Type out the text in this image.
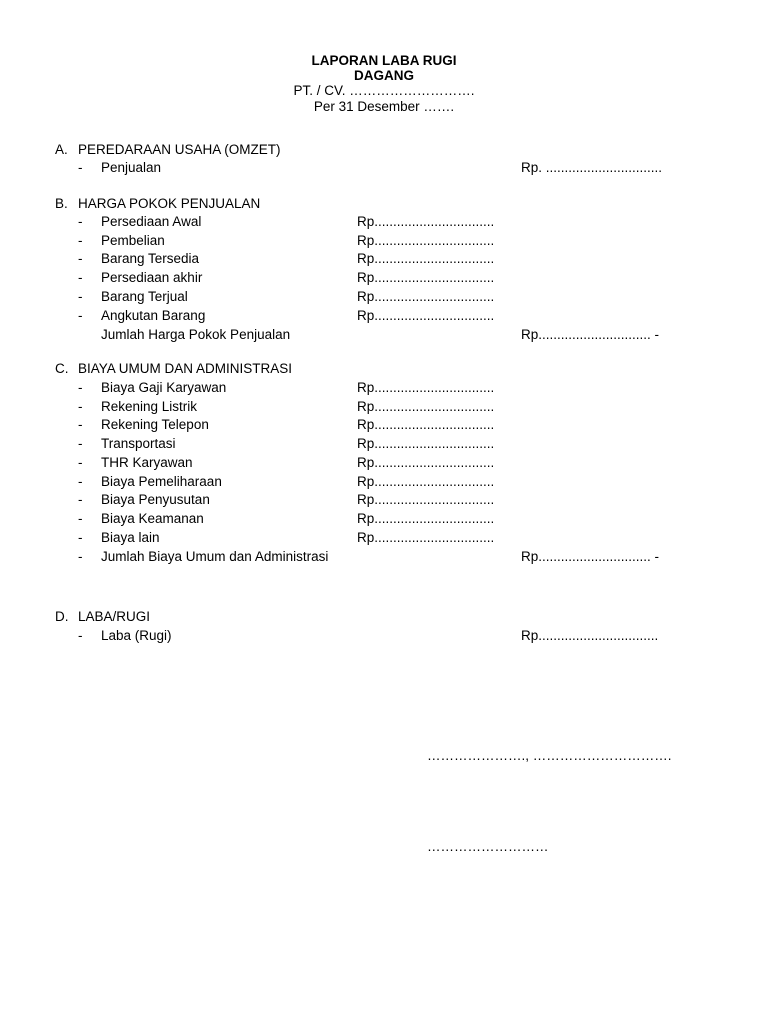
LAPORAN LABA RUGI
DAGANG
PT. / CV. ……………………….
Per 31 Desember …….
A. PEREDARAAN USAHA (OMZET)
- Penjualan	Rp. ...............................
B. HARGA POKOK PENJUALAN
- Persediaan Awal	Rp................................
- Pembelian	Rp................................
- Barang Tersedia	Rp................................
- Persediaan akhir	Rp................................
- Barang Terjual	Rp................................
- Angkutan Barang	Rp................................
Jumlah Harga Pokok Penjualan	Rp.............................. -
C. BIAYA UMUM DAN ADMINISTRASI
- Biaya Gaji Karyawan	Rp................................
- Rekening Listrik	Rp................................
- Rekening Telepon	Rp................................
- Transportasi	Rp................................
- THR Karyawan	Rp................................
- Biaya Pemeliharaan	Rp................................
- Biaya Penyusutan	Rp................................
- Biaya Keamanan	Rp................................
- Biaya lain	Rp................................
- Jumlah Biaya Umum dan Administrasi	Rp.............................. -
D. LABA/RUGI
- Laba (Rugi)	Rp................................
…………………., ………………………….
………………………
